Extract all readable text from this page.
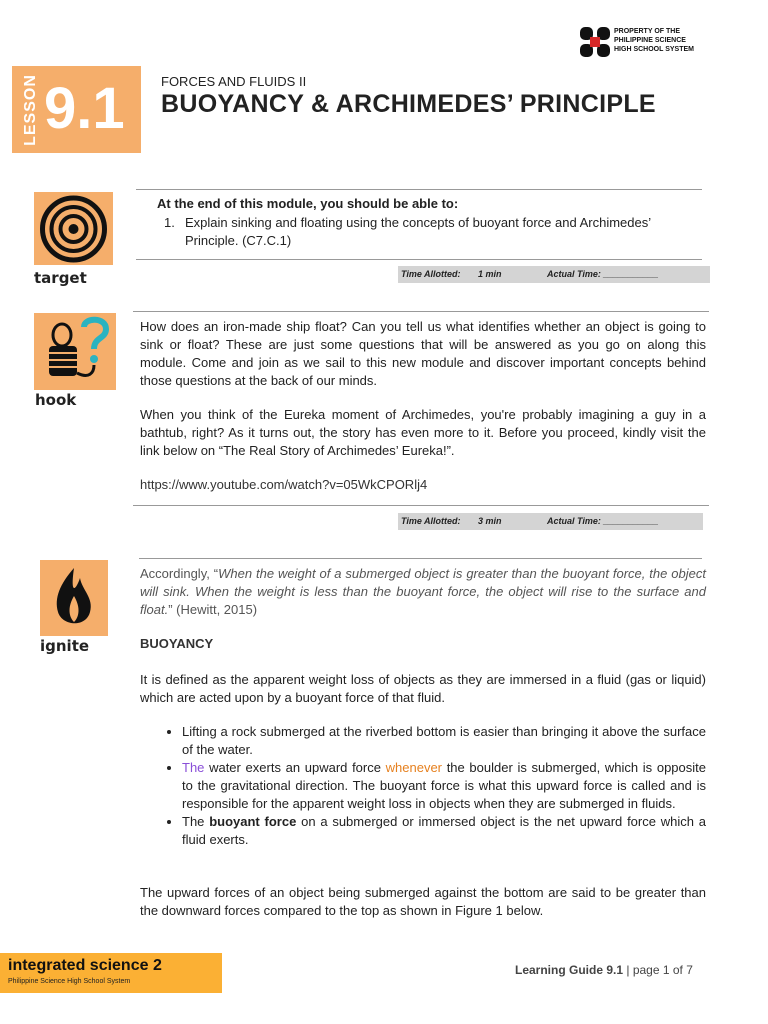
PROPERTY OF THE
PHILIPPINE SCIENCE
HIGH SCHOOL SYSTEM
LESSON 9.1	FORCES AND FLUIDS II
BUOYANCY & ARCHIMEDES’ PRINCIPLE
target
At the end of this module, you should be able to:
1. Explain sinking and floating using the concepts of buoyant force and Archimedes’ Principle. (C7.C.1)
Time Allotted: 1 min	Actual Time: ___________
hook
How does an iron-made ship float? Can you tell us what identifies whether an object is going to sink or float? These are just some questions that will be answered as you go on along this module. Come and join as we sail to this new module and discover important concepts behind those questions at the back of our minds.
When you think of the Eureka moment of Archimedes, you're probably imagining a guy in a bathtub, right? As it turns out, the story has even more to it. Before you proceed, kindly visit the link below on “The Real Story of Archimedes’ Eureka!”.
https://www.youtube.com/watch?v=05WkCPORlj4
Time Allotted: 3 min	Actual Time: ___________
ignite
Accordingly, “When the weight of a submerged object is greater than the buoyant force, the object will sink. When the weight is less than the buoyant force, the object will rise to the surface and float.” (Hewitt, 2015)
BUOYANCY
It is defined as the apparent weight loss of objects as they are immersed in a fluid (gas or liquid) which are acted upon by a buoyant force of that fluid.
• Lifting a rock submerged at the riverbed bottom is easier than bringing it above the surface of the water.
• The water exerts an upward force whenever the boulder is submerged, which is opposite to the gravitational direction. The buoyant force is what this upward force is called and is responsible for the apparent weight loss in objects when they are submerged in fluids.
• The buoyant force on a submerged or immersed object is the net upward force which a fluid exerts.
The upward forces of an object being submerged against the bottom are said to be greater than the downward forces compared to the top as shown in Figure 1 below.
integrated science 2
Philippine Science High School System
Learning Guide 9.1 | page 1 of 7
